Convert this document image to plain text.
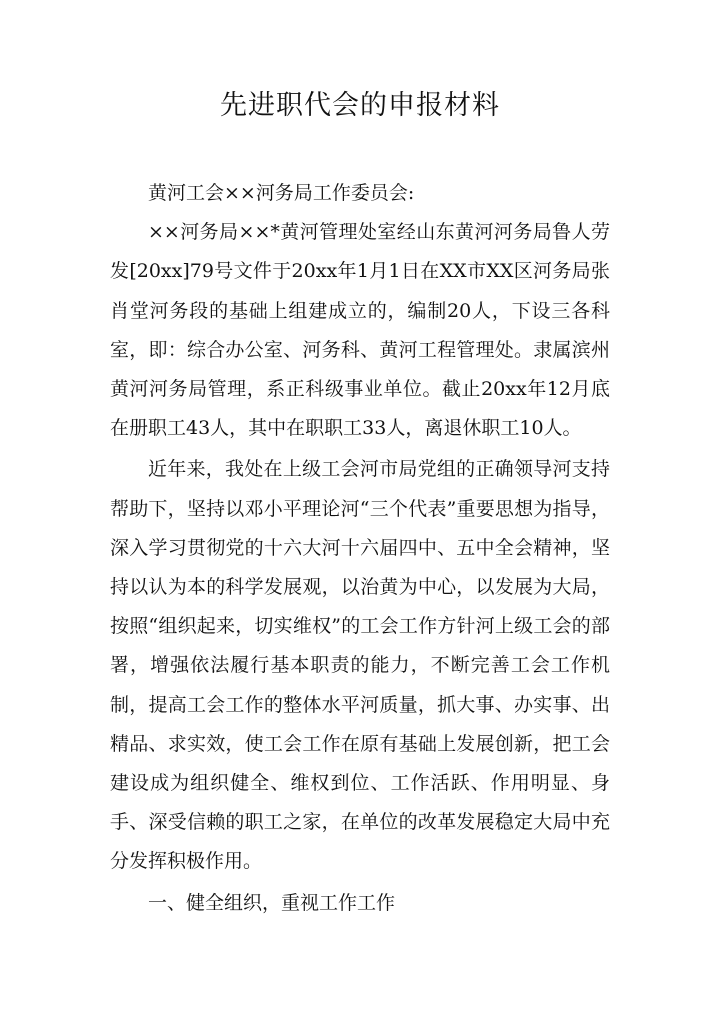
先进职代会的申报材料

黄河工会××河务局工作委员会:

××河务局××*黄河管理处室经山东黄河河务局鲁人劳发[20xx]79号文件于20xx年1月1日在XX市XX区河务局张肖堂河务段的基础上组建成立的，编制20人，下设三各科室，即：综合办公室、河务科、黄河工程管理处。隶属滨州黄河河务局管理，系正科级事业单位。截止20xx年12月底在册职工43人，其中在职职工33人，离退休职工10人。

近年来，我处在上级工会河市局党组的正确领导河支持帮助下，坚持以邓小平理论河“三个代表”重要思想为指导，深入学习贯彻党的十六大河十六届四中、五中全会精神，坚持以认为本的科学发展观，以治黄为中心，以发展为大局，按照“组织起来，切实维权”的工会工作方针河上级工会的部署，增强依法履行基本职责的能力，不断完善工会工作机制，提高工会工作的整体水平河质量，抓大事、办实事、出精品、求实效，使工会工作在原有基础上发展创新，把工会建设成为组织健全、维权到位、工作活跃、作用明显、身手、深受信赖的职工之家，在单位的改革发展稳定大局中充分发挥积极作用。

一、健全组织，重视工作工作
